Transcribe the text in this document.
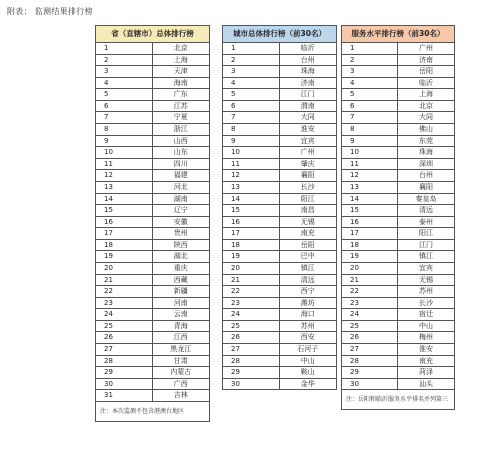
附表： 监测结果排行榜
省（直辖市）总体排行榜
1	北京
2	上海
3	天津
4	海南
5	广东
6	江苏
7	宁夏
8	浙江
9	山西
10	山东
11	四川
12	福建
13	河北
14	湖南
15	辽宁
16	安徽
17	贵州
18	陕西
19	湖北
20	重庆
21	西藏
22	新疆
23	河南
24	云南
25	青海
26	江西
27	黑龙江
28	甘肃
29	内蒙古
30	广西
31	吉林
注：本次监测不包含港澳台地区
城市总体排行榜（前30名）
1	临沂
2	台州
3	珠海
4	济南
5	江门
6	渭南
7	大同
8	淮安
9	宜宾
10	广州
11	肇庆
12	襄阳
13	长沙
14	阳江
15	南昌
16	无锡
17	南充
18	岳阳
19	巴中
20	镇江
21	清远
22	西宁
23	潍坊
24	海口
25	苏州
26	西安
27	石河子
28	中山
29	鞍山
30	金华
服务水平排行榜（前30名）
1	广州
2	济南
3	岳阳
4	临沂
5	上海
6	北京
7	大同
8	佛山
9	东莞
10	珠海
11	深圳
12	台州
13	襄阳
14	秦皇岛
15	清远
16	泰州
17	阳江
18	江门
19	镇江
20	宜宾
21	无锡
22	苏州
23	长沙
24	宿迁
25	中山
26	梅州
27	淮安
28	南充
29	菏泽
30	汕头
注：岳阳和临沂服务水平排名并列第三
